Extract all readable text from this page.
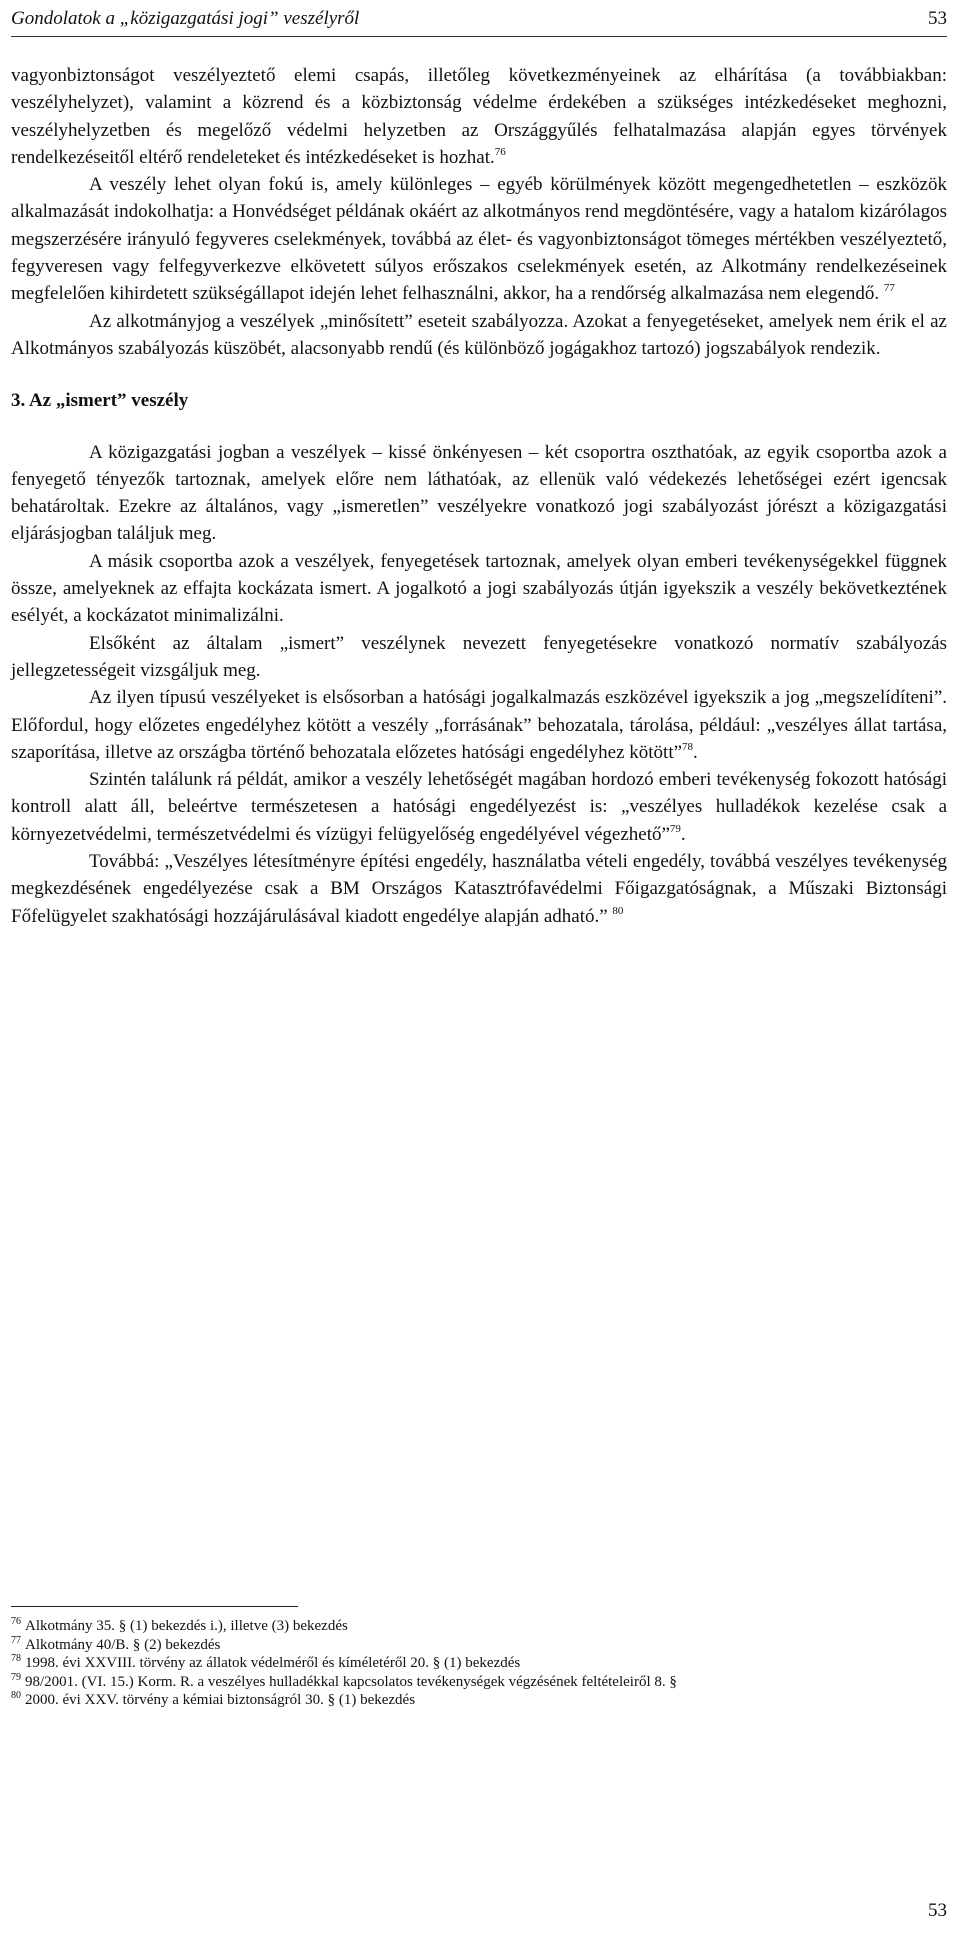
Gondolatok a „közigazgatási jogi” veszélyről	53

vagyonbiztonságot veszélyeztető elemi csapás, illetőleg következményeinek az elhárítása (a továbbiakban: veszélyhelyzet), valamint a közrend és a közbiztonság védelme érdekében a szükséges intézkedéseket meghozni, veszélyhelyzetben és megelőző védelmi helyzetben az Országgyűlés felhatalmazása alapján egyes törvények rendelkezéseitől eltérő rendeleteket és intézkedéseket is hozhat.$^{76}$

A veszély lehet olyan fokú is, amely különleges – egyéb körülmények között megengedhetetlen – eszközök alkalmazását indokolhatja: a Honvédséget példának okáért az alkotmányos rend megdöntésére, vagy a hatalom kizárólagos megszerzésére irányuló fegyveres cselekmények, továbbá az élet- és vagyonbiztonságot tömeges mértékben veszélyeztető, fegyveresen vagy felfegyverkezve elkövetett súlyos erőszakos cselekmények esetén, az Alkotmány rendelkezéseinek megfelelően kihirdetett szükségállapot idején lehet felhasználni, akkor, ha a rendőrség alkalmazása nem elegendő. $^{77}$

Az alkotmányjog a veszélyek „minősített” eseteit szabályozza. Azokat a fenyegetéseket, amelyek nem érik el az Alkotmányos szabályozás küszöbét, alacsonyabb rendű (és különböző jogágakhoz tartozó) jogszabályok rendezik.

3. Az „ismert” veszély

A közigazgatási jogban a veszélyek – kissé önkényesen – két csoportra oszthatóak, az egyik csoportba azok a fenyegető tényezők tartoznak, amelyek előre nem láthatóak, az ellenük való védekezés lehetőségei ezért igencsak behatároltak. Ezekre az általános, vagy „ismeretlen” veszélyekre vonatkozó jogi szabályozást jórészt a közigazgatási eljárásjogban találjuk meg.

A másik csoportba azok a veszélyek, fenyegetések tartoznak, amelyek olyan emberi tevékenységekkel függnek össze, amelyeknek az effajta kockázata ismert. A jogalkotó a jogi szabályozás útján igyekszik a veszély bekövetkeztének esélyét, a kockázatot minimalizálni.

Elsőként az általam „ismert” veszélynek nevezett fenyegetésekre vonatkozó normatív szabályozás jellegzetességeit vizsgáljuk meg.

Az ilyen típusú veszélyeket is elsősorban a hatósági jogalkalmazás eszközével igyekszik a jog „megszelídíteni”. Előfordul, hogy előzetes engedélyhez kötött a veszély „forrásának” behozatala, tárolása, például: „veszélyes állat tartása, szaporítása, illetve az országba történő behozatala előzetes hatósági engedélyhez kötött”$^{78}$.

Szintén találunk rá példát, amikor a veszély lehetőségét magában hordozó emberi tevékenység fokozott hatósági kontroll alatt áll, beleértve természetesen a hatósági engedélyezést is: „veszélyes hulladékok kezelése csak a környezetvédelmi, természetvédelmi és vízügyi felügyelőség engedélyével végezhető”$^{79}$.

Továbbá: „Veszélyes létesítményre építési engedély, használatba vételi engedély, továbbá veszélyes tevékenység megkezdésének engedélyezése csak a BM Országos Katasztrófavédelmi Főigazgatóságnak, a Műszaki Biztonsági Főfelügyelet szakhatósági hozzájárulásával kiadott engedélye alapján adható.” $^{80}$

$^{76}$ Alkotmány 35. § (1) bekezdés i.), illetve (3) bekezdés

$^{77}$ Alkotmány 40/B. § (2) bekezdés

$^{78}$ 1998. évi XXVIII. törvény az állatok védelméről és kíméletéről 20. § (1) bekezdés

$^{79}$ 98/2001. (VI. 15.) Korm. R. a veszélyes hulladékkal kapcsolatos tevékenységek végzésének feltételeiről 8. §

$^{80}$ 2000. évi XXV. törvény a kémiai biztonságról 30. § (1) bekezdés

53
